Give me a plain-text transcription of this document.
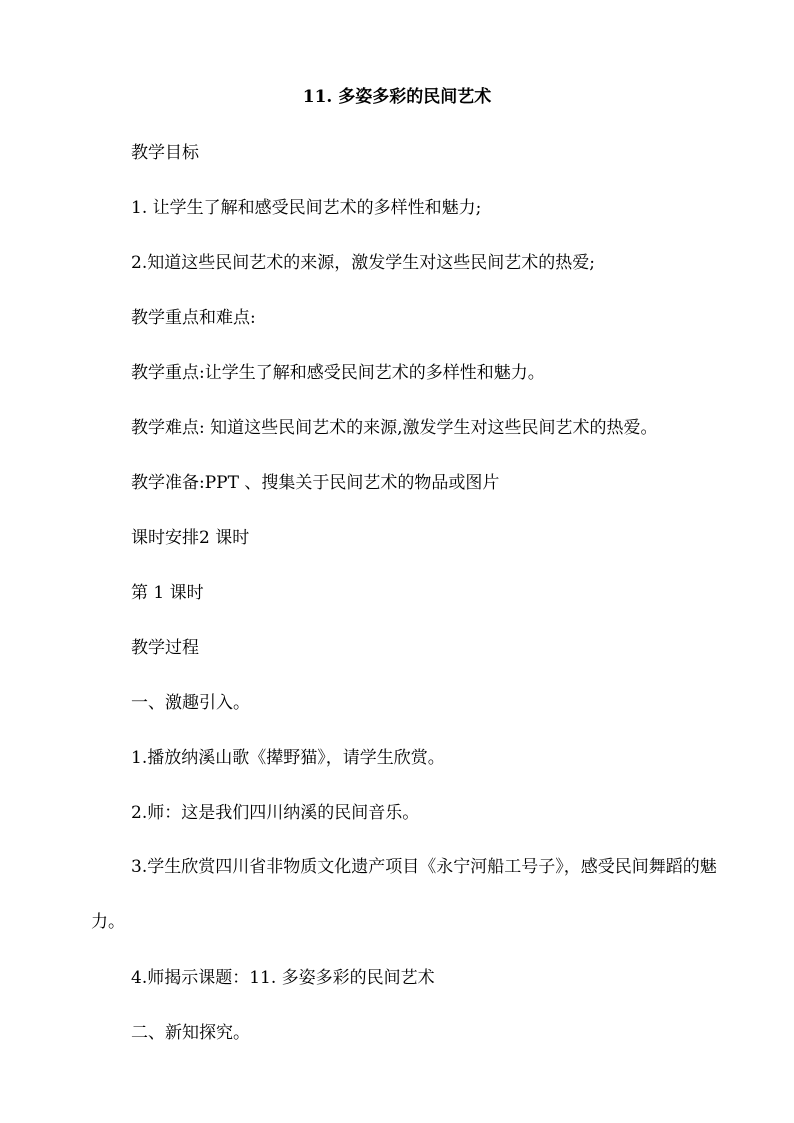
11. 多姿多彩的民间艺术
教学目标
1. 让学生了解和感受民间艺术的多样性和魅力;
2.知道这些民间艺术的来源，激发学生对这些民间艺术的热爱;
教学重点和难点:
教学重点:让学生了解和感受民间艺术的多样性和魅力。
教学难点: 知道这些民间艺术的来源,激发学生对这些民间艺术的热爱。
教学准备:PPT 、搜集关于民间艺术的物品或图片
课时安排2 课时
第 1 课时
教学过程
一、激趣引入。
1.播放纳溪山歌《撵野猫》，请学生欣赏。
2.师：这是我们四川纳溪的民间音乐。
3.学生欣赏四川省非物质文化遗产项目《永宁河船工号子》，感受民间舞蹈的魅力。
4.师揭示课题：11. 多姿多彩的民间艺术
二、新知探究。
